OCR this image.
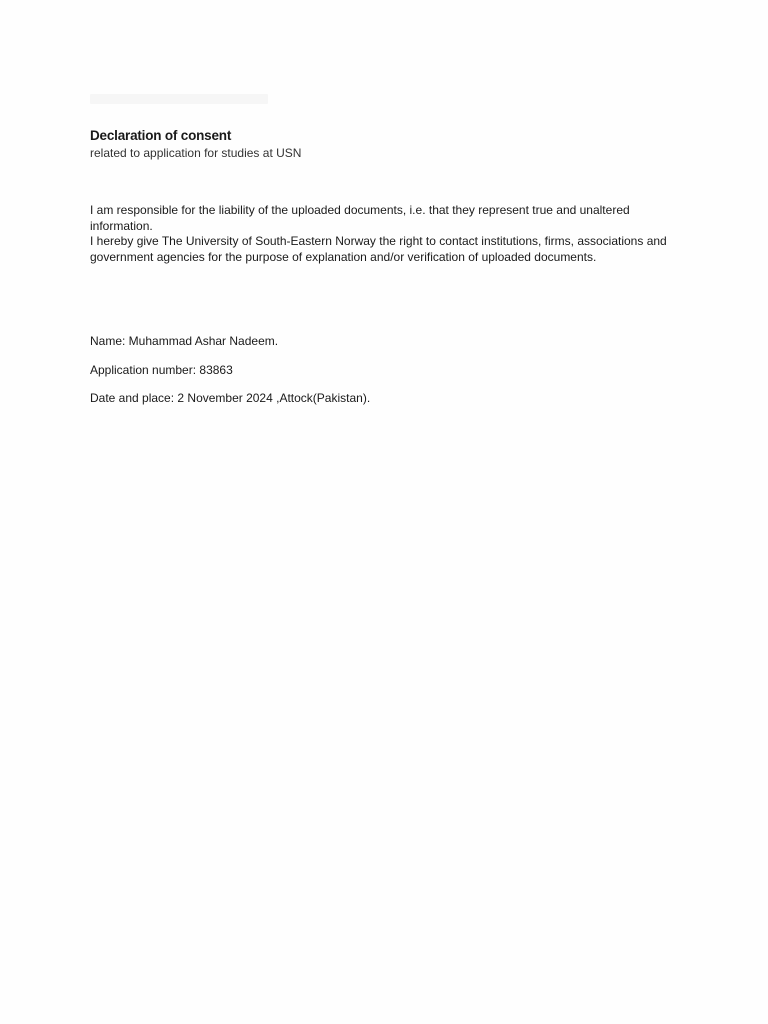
Declaration of consent
related to application for studies at USN

I am responsible for the liability of the uploaded documents, i.e. that they represent true and unaltered information.

I hereby give The University of South-Eastern Norway the right to contact institutions, firms, associations and government agencies for the purpose of explanation and/or verification of uploaded documents.

Name: Muhammad Ashar Nadeem.
Application number: 83863
Date and place: 2 November 2024 ,Attock(Pakistan).
